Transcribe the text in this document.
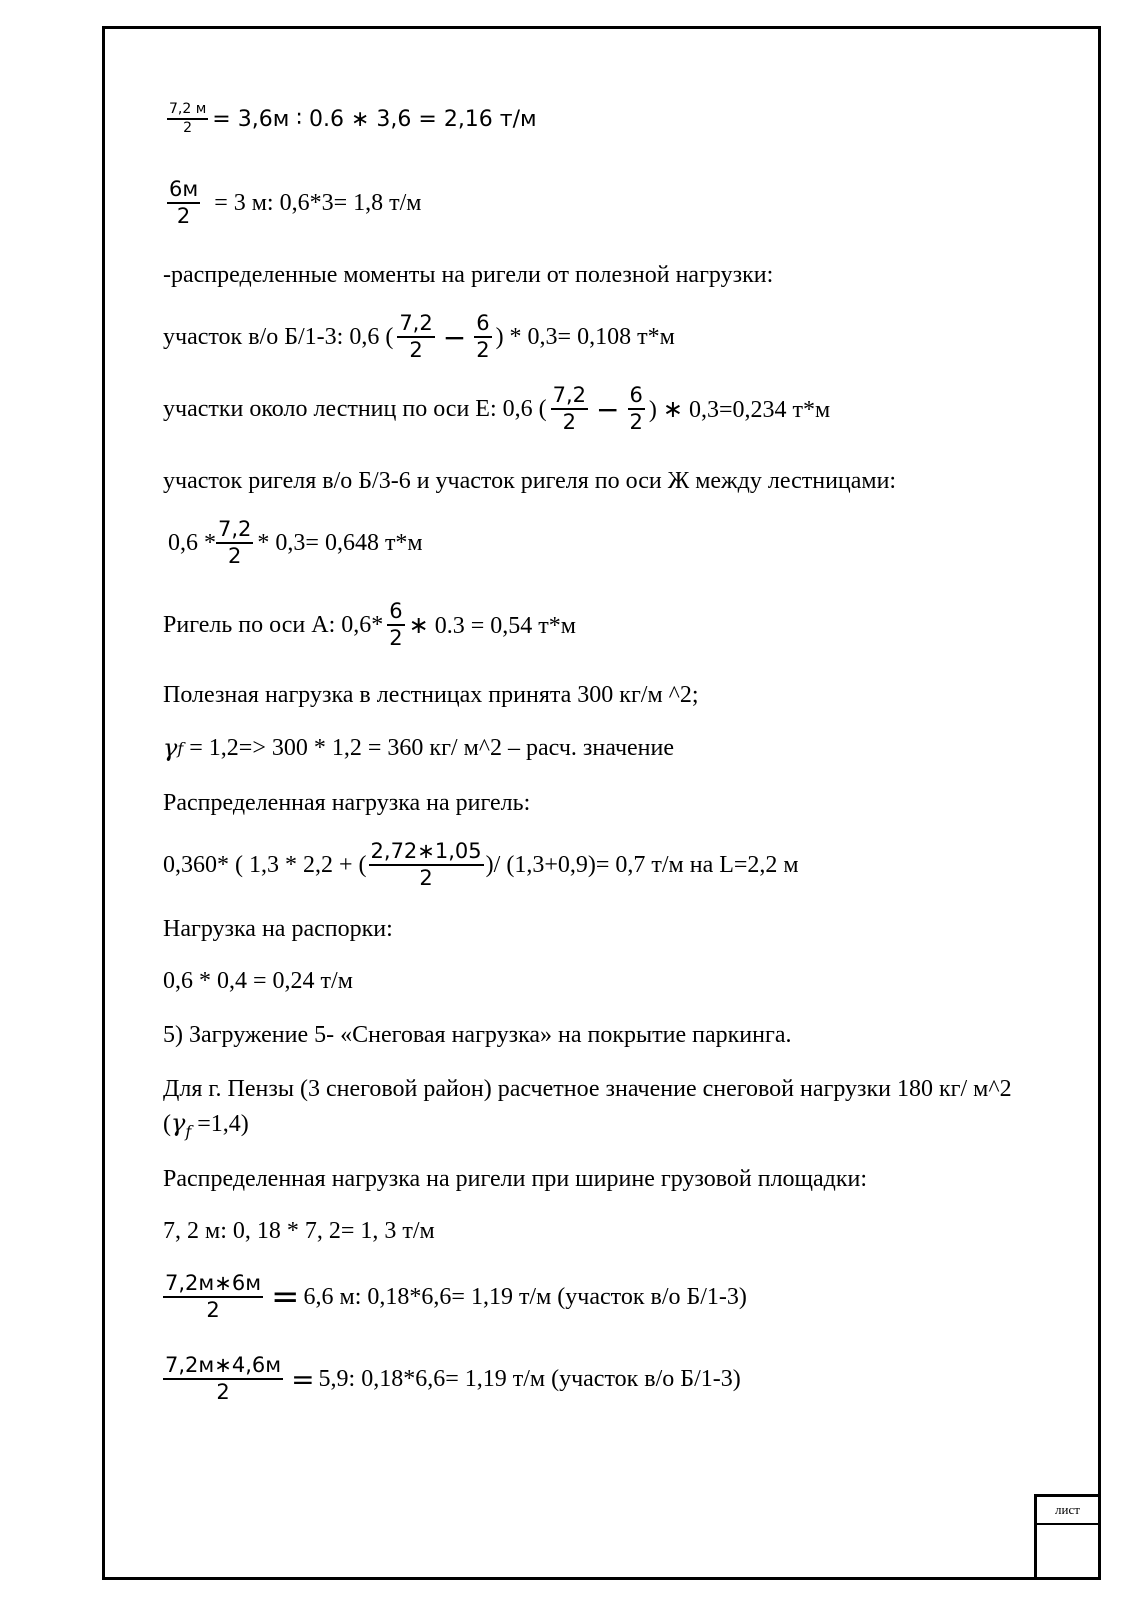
лист
$\frac{7,2 м}{2} = 3,6м$ ∶ 0.6 ∗ 3,6 = 2,16 т/м
$\frac{6м}{2} = 3$ м: 0,6*3= 1,8 т/м
-распределенные моменты на ригели от полезной нагрузки:
участок в/о Б/1-3: 0,6 ( $\frac{7,2}{2} - \frac{6}{2}$ ) * 0,3= 0,108 т*м
участки около лестниц по оси Е: 0,6 ( $\frac{7,2}{2} - \frac{6}{2}$ ) ∗ 0,3=0,234 т*м
участок ригеля в/о Б/3-6 и участок ригеля по оси Ж между лестницами:
$0,6 * \frac{7,2}{2} * 0,3= 0,648$ т*м
Ригель по оси А: $0,6* \frac{6}{2}$ ∗ 0.3 = 0,54 т*м
Полезная нагрузка в лестницах принята 300 кг/м ^2;
γ f = 1,2=> 300 * 1,2 = 360 кг/ м^2 – расч. значение
Распределенная нагрузка на ригель:
0,360* ( 1,3 * 2,2 + ( $\frac{2,72∗1,05}{2}$ )/ ( 1,3+0,9)= 0,7 т/м на L=2,2 м
Нагрузка на распорки:
0,6 * 0,4 = 0,24 т/м
5) Загружение 5- «Снеговая нагрузка» на покрытие паркинга.
Для г. Пензы (3 снеговой район) расчетное значение снеговой нагрузки 180 кг/ м^2 $(\gamma_f =1,4)$
Распределенная нагрузка на ригели при ширине грузовой площадки:
7, 2 м: 0, 18 * 7, 2= 1, 3 т/м
$\frac{7,2м∗6м}{2} = 6,6$ м: 0,18*6,6= 1,19 т/м (участок в/о Б/1-3)
$\frac{7,2м∗4,6м}{2} = 5,9$: 0,18*6,6= 1,19 т/м (участок в/о Б/1-3)
